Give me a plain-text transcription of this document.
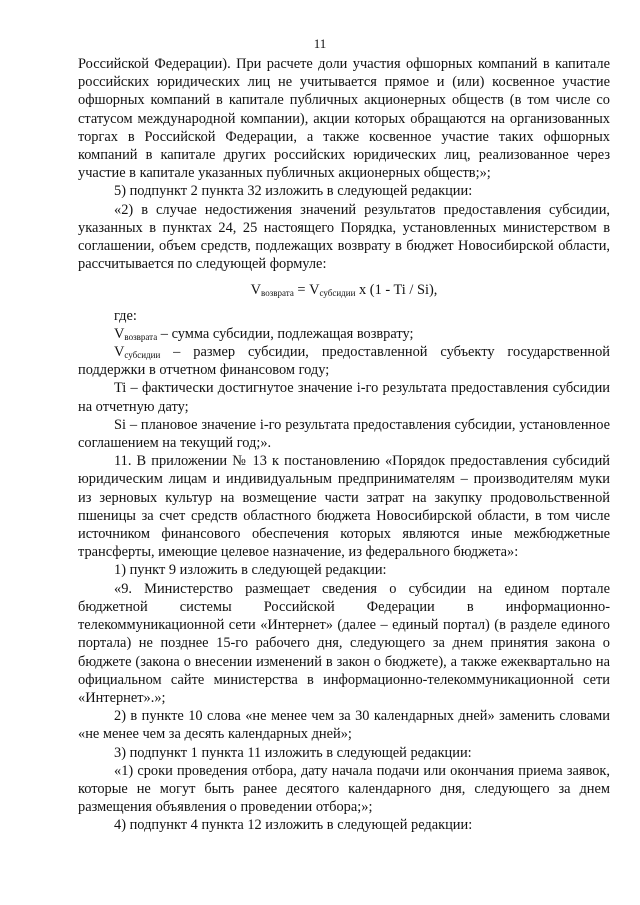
11

Российской Федерации). При расчете доли участия офшорных компаний в капитале российских юридических лиц не учитывается прямое и (или) косвенное участие офшорных компаний в капитале публичных акционерных обществ (в том числе со статусом международной компании), акции которых обращаются на организованных торгах в Российской Федерации, а также косвенное участие таких офшорных компаний в капитале других российских юридических лиц, реализованное через участие в капитале указанных публичных акционерных обществ;»;

5) подпункт 2 пункта 32 изложить в следующей редакции:

«2) в случае недостижения значений результатов предоставления субсидии, указанных в пунктах 24, 25 настоящего Порядка, установленных министерством в соглашении, объем средств, подлежащих возврату в бюджет Новосибирской области, рассчитывается по следующей формуле:

$V_{возврата} = V_{субсидии}$ x (1 - Ti / Si),

где:

$V_{возврата}$ – сумма субсидии, подлежащая возврату;

$V_{субсидии}$ – размер субсидии, предоставленной субъекту государственной поддержки в отчетном финансовом году;

Ti – фактически достигнутое значение i-го результата предоставления субсидии на отчетную дату;

Si – плановое значение i-го результата предоставления субсидии, установленное соглашением на текущий год;».

11. В приложении № 13 к постановлению «Порядок предоставления субсидий юридическим лицам и индивидуальным предпринимателям – производителям муки из зерновых культур на возмещение части затрат на закупку продовольственной пшеницы за счет средств областного бюджета Новосибирской области, в том числе источником финансового обеспечения которых являются иные межбюджетные трансферты, имеющие целевое назначение, из федерального бюджета»:

1) пункт 9 изложить в следующей редакции:

«9. Министерство размещает сведения о субсидии на едином портале бюджетной системы Российской Федерации в информационно-телекоммуникационной сети «Интернет» (далее – единый портал) (в разделе единого портала) не позднее 15-го рабочего дня, следующего за днем принятия закона о бюджете (закона о внесении изменений в закон о бюджете), а также ежеквартально на официальном сайте министерства в информационно-телекоммуникационной сети «Интернет».»;

2) в пункте 10 слова «не менее чем за 30 календарных дней» заменить словами «не менее чем за десять календарных дней»;

3) подпункт 1 пункта 11 изложить в следующей редакции:

«1) сроки проведения отбора, дату начала подачи или окончания приема заявок, которые не могут быть ранее десятого календарного дня, следующего за днем размещения объявления о проведении отбора;»;

4) подпункт 4 пункта 12 изложить в следующей редакции:
